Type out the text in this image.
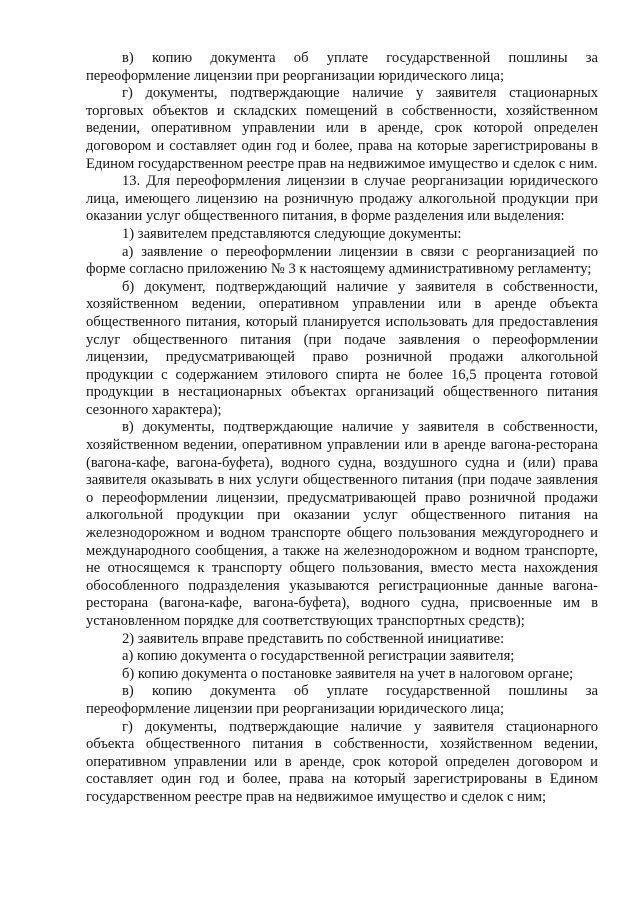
в) копию документа об уплате государственной пошлины за переоформление лицензии при реорганизации юридического лица;

г) документы, подтверждающие наличие у заявителя стационарных торговых объектов и складских помещений в собственности, хозяйственном ведении, оперативном управлении или в аренде, срок которой определен договором и составляет один год и более, права на которые зарегистрированы в Едином государственном реестре прав на недвижимое имущество и сделок с ним.

13. Для переоформления лицензии в случае реорганизации юридического лица, имеющего лицензию на розничную продажу алкогольной продукции при оказании услуг общественного питания, в форме разделения или выделения:

1) заявителем представляются следующие документы:

а) заявление о переоформлении лицензии в связи с реорганизацией по форме согласно приложению № 3 к настоящему административному регламенту;

б) документ, подтверждающий наличие у заявителя в собственности, хозяйственном ведении, оперативном управлении или в аренде объекта общественного питания, который планируется использовать для предоставления услуг общественного питания (при подаче заявления о переоформлении лицензии, предусматривающей право розничной продажи алкогольной продукции с содержанием этилового спирта не более 16,5 процента готовой продукции в нестационарных объектах организаций общественного питания сезонного характера);

в) документы, подтверждающие наличие у заявителя в собственности, хозяйственном ведении, оперативном управлении или в аренде вагона-ресторана (вагона-кафе, вагона-буфета), водного судна, воздушного судна и (или) права заявителя оказывать в них услуги общественного питания (при подаче заявления о переоформлении лицензии, предусматривающей право розничной продажи алкогольной продукции при оказании услуг общественного питания на железнодорожном и водном транспорте общего пользования междугороднего и международного сообщения, а также на железнодорожном и водном транспорте, не относящемся к транспорту общего пользования, вместо места нахождения обособленного подразделения указываются регистрационные данные вагона-ресторана (вагона-кафе, вагона-буфета), водного судна, присвоенные им в установленном порядке для соответствующих транспортных средств);

2) заявитель вправе представить по собственной инициативе:

а) копию документа о государственной регистрации заявителя;

б) копию документа о постановке заявителя на учет в налоговом органе;

в) копию документа об уплате государственной пошлины за переоформление лицензии при реорганизации юридического лица;

г) документы, подтверждающие наличие у заявителя стационарного объекта общественного питания в собственности, хозяйственном ведении, оперативном управлении или в аренде, срок которой определен договором и составляет один год и более, права на который зарегистрированы в Едином государственном реестре прав на недвижимое имущество и сделок с ним;
